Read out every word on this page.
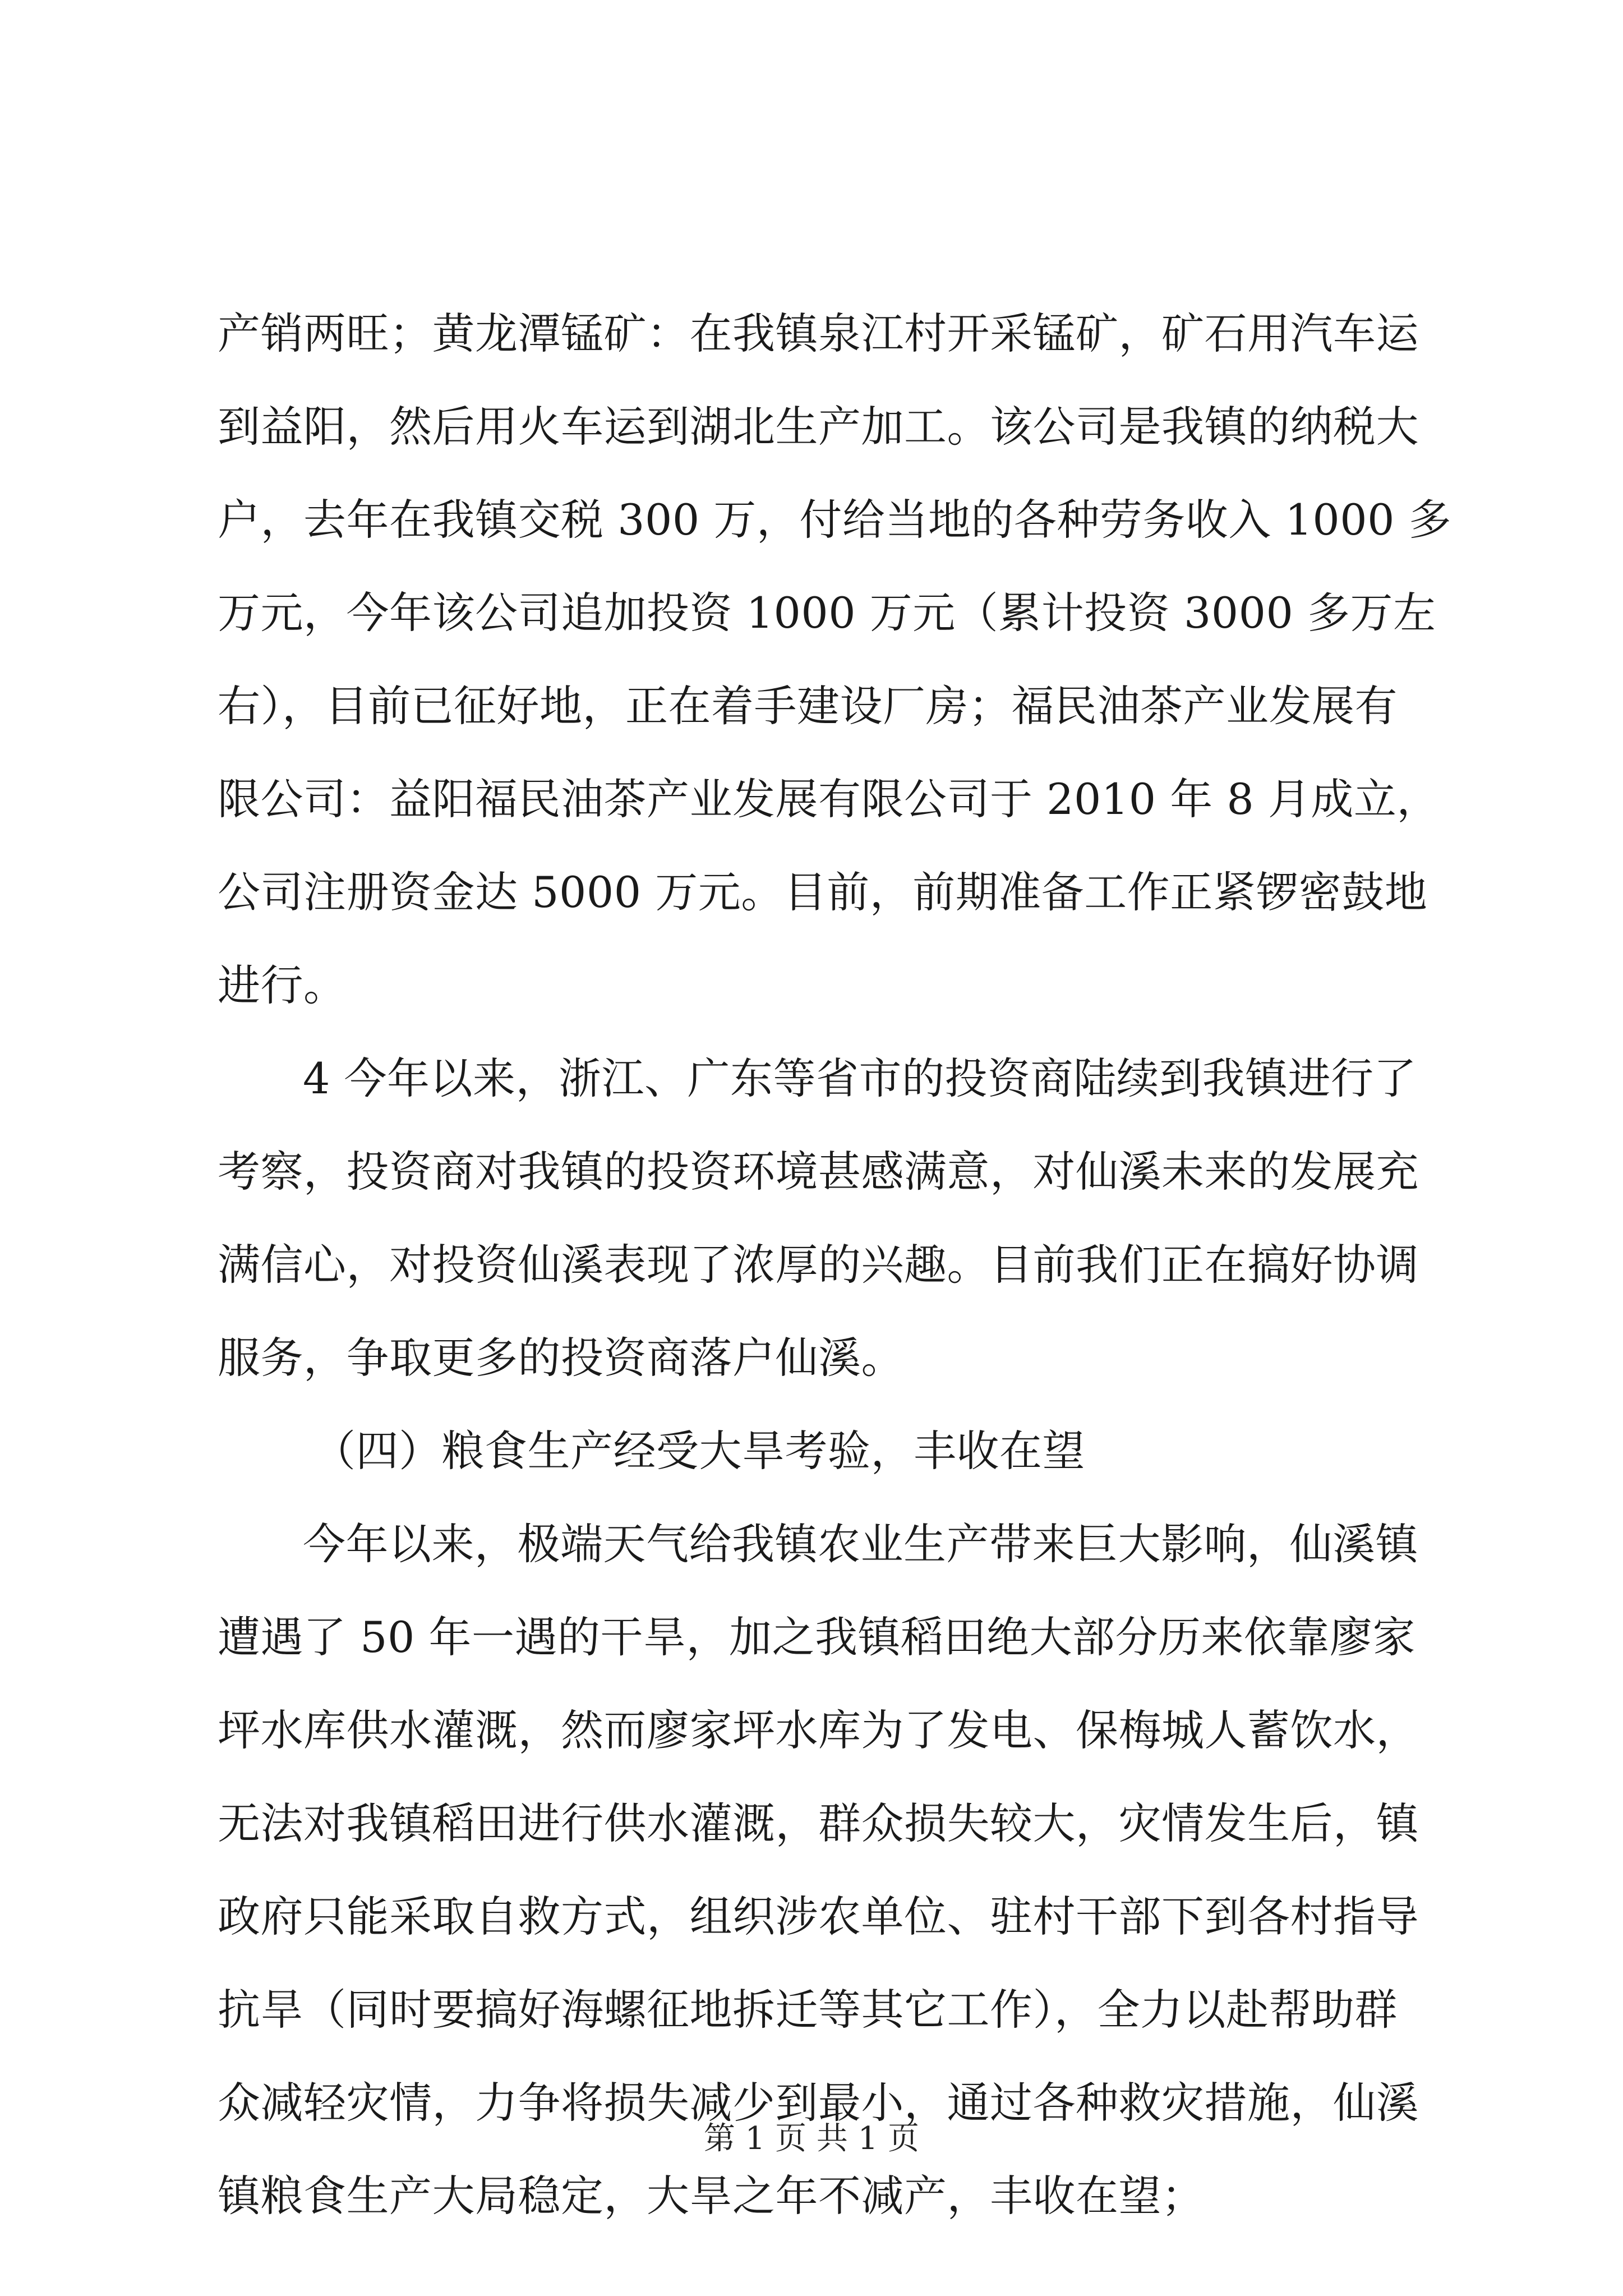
产销两旺；黄龙潭锰矿：在我镇泉江村开采锰矿，矿石用汽车运
到益阳，然后用火车运到湖北生产加工。该公司是我镇的纳税大
户，去年在我镇交税 300 万，付给当地的各种劳务收入 1000 多
万元，今年该公司追加投资 1000 万元（累计投资 3000 多万左
右），目前已征好地，正在着手建设厂房；福民油茶产业发展有
限公司：益阳福民油茶产业发展有限公司于 2010 年 8 月成立，
公司注册资金达 5000 万元。目前，前期准备工作正紧锣密鼓地
进行。
4 今年以来，浙江、广东等省市的投资商陆续到我镇进行了
考察，投资商对我镇的投资环境甚感满意，对仙溪未来的发展充
满信心，对投资仙溪表现了浓厚的兴趣。目前我们正在搞好协调
服务，争取更多的投资商落户仙溪。
（四）粮食生产经受大旱考验，丰收在望
今年以来，极端天气给我镇农业生产带来巨大影响，仙溪镇
遭遇了 50 年一遇的干旱，加之我镇稻田绝大部分历来依靠廖家
坪水库供水灌溉，然而廖家坪水库为了发电、保梅城人蓄饮水，
无法对我镇稻田进行供水灌溉，群众损失较大，灾情发生后，镇
政府只能采取自救方式，组织涉农单位、驻村干部下到各村指导
抗旱（同时要搞好海螺征地拆迁等其它工作），全力以赴帮助群
众减轻灾情，力争将损失减少到最小，通过各种救灾措施，仙溪
镇粮食生产大局稳定，大旱之年不减产，丰收在望；
第 1 页 共 1 页
